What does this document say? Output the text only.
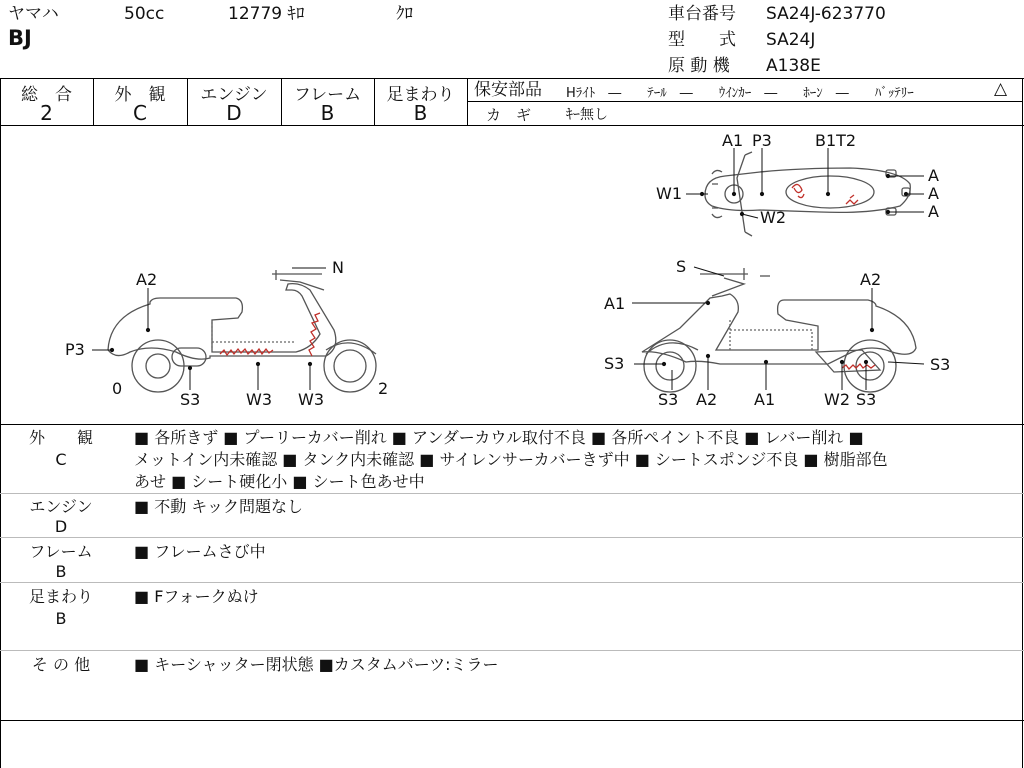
ヤマハ	50cc	12779 ｷﾛ	ｸﾛ
BJ
車台番号 SA24J-623770
型　　式 SA24J
原 動 機 A138E
総　合
2
外　観
C
エンジン
D
フレーム
B
足まわり
B
保安部品 Hﾗｲﾄ　―　　ﾃｰﾙ　―　　ｳｲﾝｶｰ　―　　ﾎｰﾝ　―　　ﾊﾞｯﾃﾘｰ	△
カ　ギ ｷｰ無し
A1 P3	B1T2
A
A
A
W1
W2
N
A2
P3
0	2
S3	W3 W3
S
A2
A1
S3	S3
S3 A2 A1	W2 S3
外　　観
C
■ 各所きず ■ プーリーカバー削れ ■ アンダーカウル取付不良 ■ 各所ペイント不良 ■ レバー削れ ■
メットイン内未確認 ■ タンク内未確認 ■ サイレンサーカバーきず中 ■ シートスポンジ不良 ■ 樹脂部色
あせ ■ シート硬化小 ■ シート色あせ中
エンジン
D
■ 不動 キック問題なし
フレーム
B
■ フレームさび中
足まわり
B
■ Fフォークぬけ
そ の 他	■ キーシャッター閉状態 ■カスタムパーツ:ミラー
